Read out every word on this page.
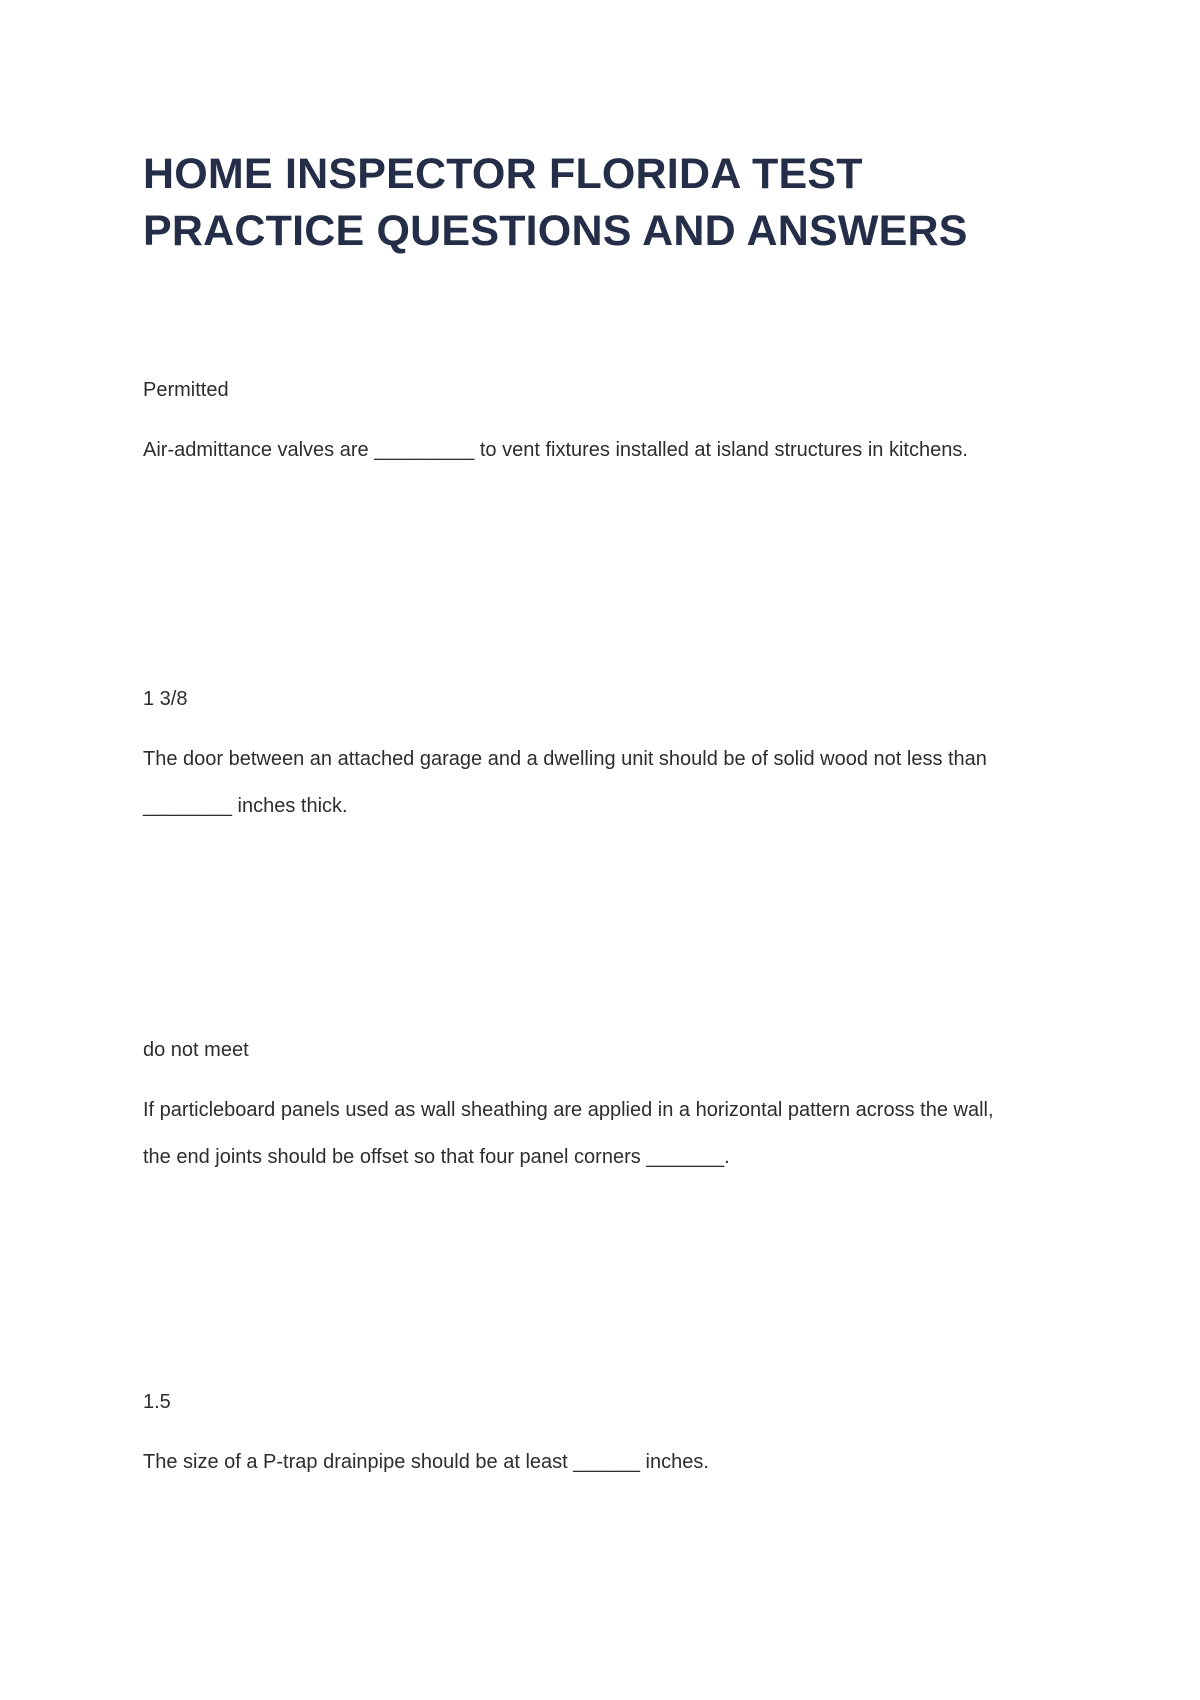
HOME INSPECTOR FLORIDA TEST
PRACTICE QUESTIONS AND ANSWERS
Permitted
Air-admittance valves are _________ to vent fixtures installed at island structures in kitchens.
1 3/8
The door between an attached garage and a dwelling unit should be of solid wood not less than
________ inches thick.
do not meet
If particleboard panels used as wall sheathing are applied in a horizontal pattern across the wall,
the end joints should be offset so that four panel corners _______.
1.5
The size of a P-trap drainpipe should be at least ______ inches.
